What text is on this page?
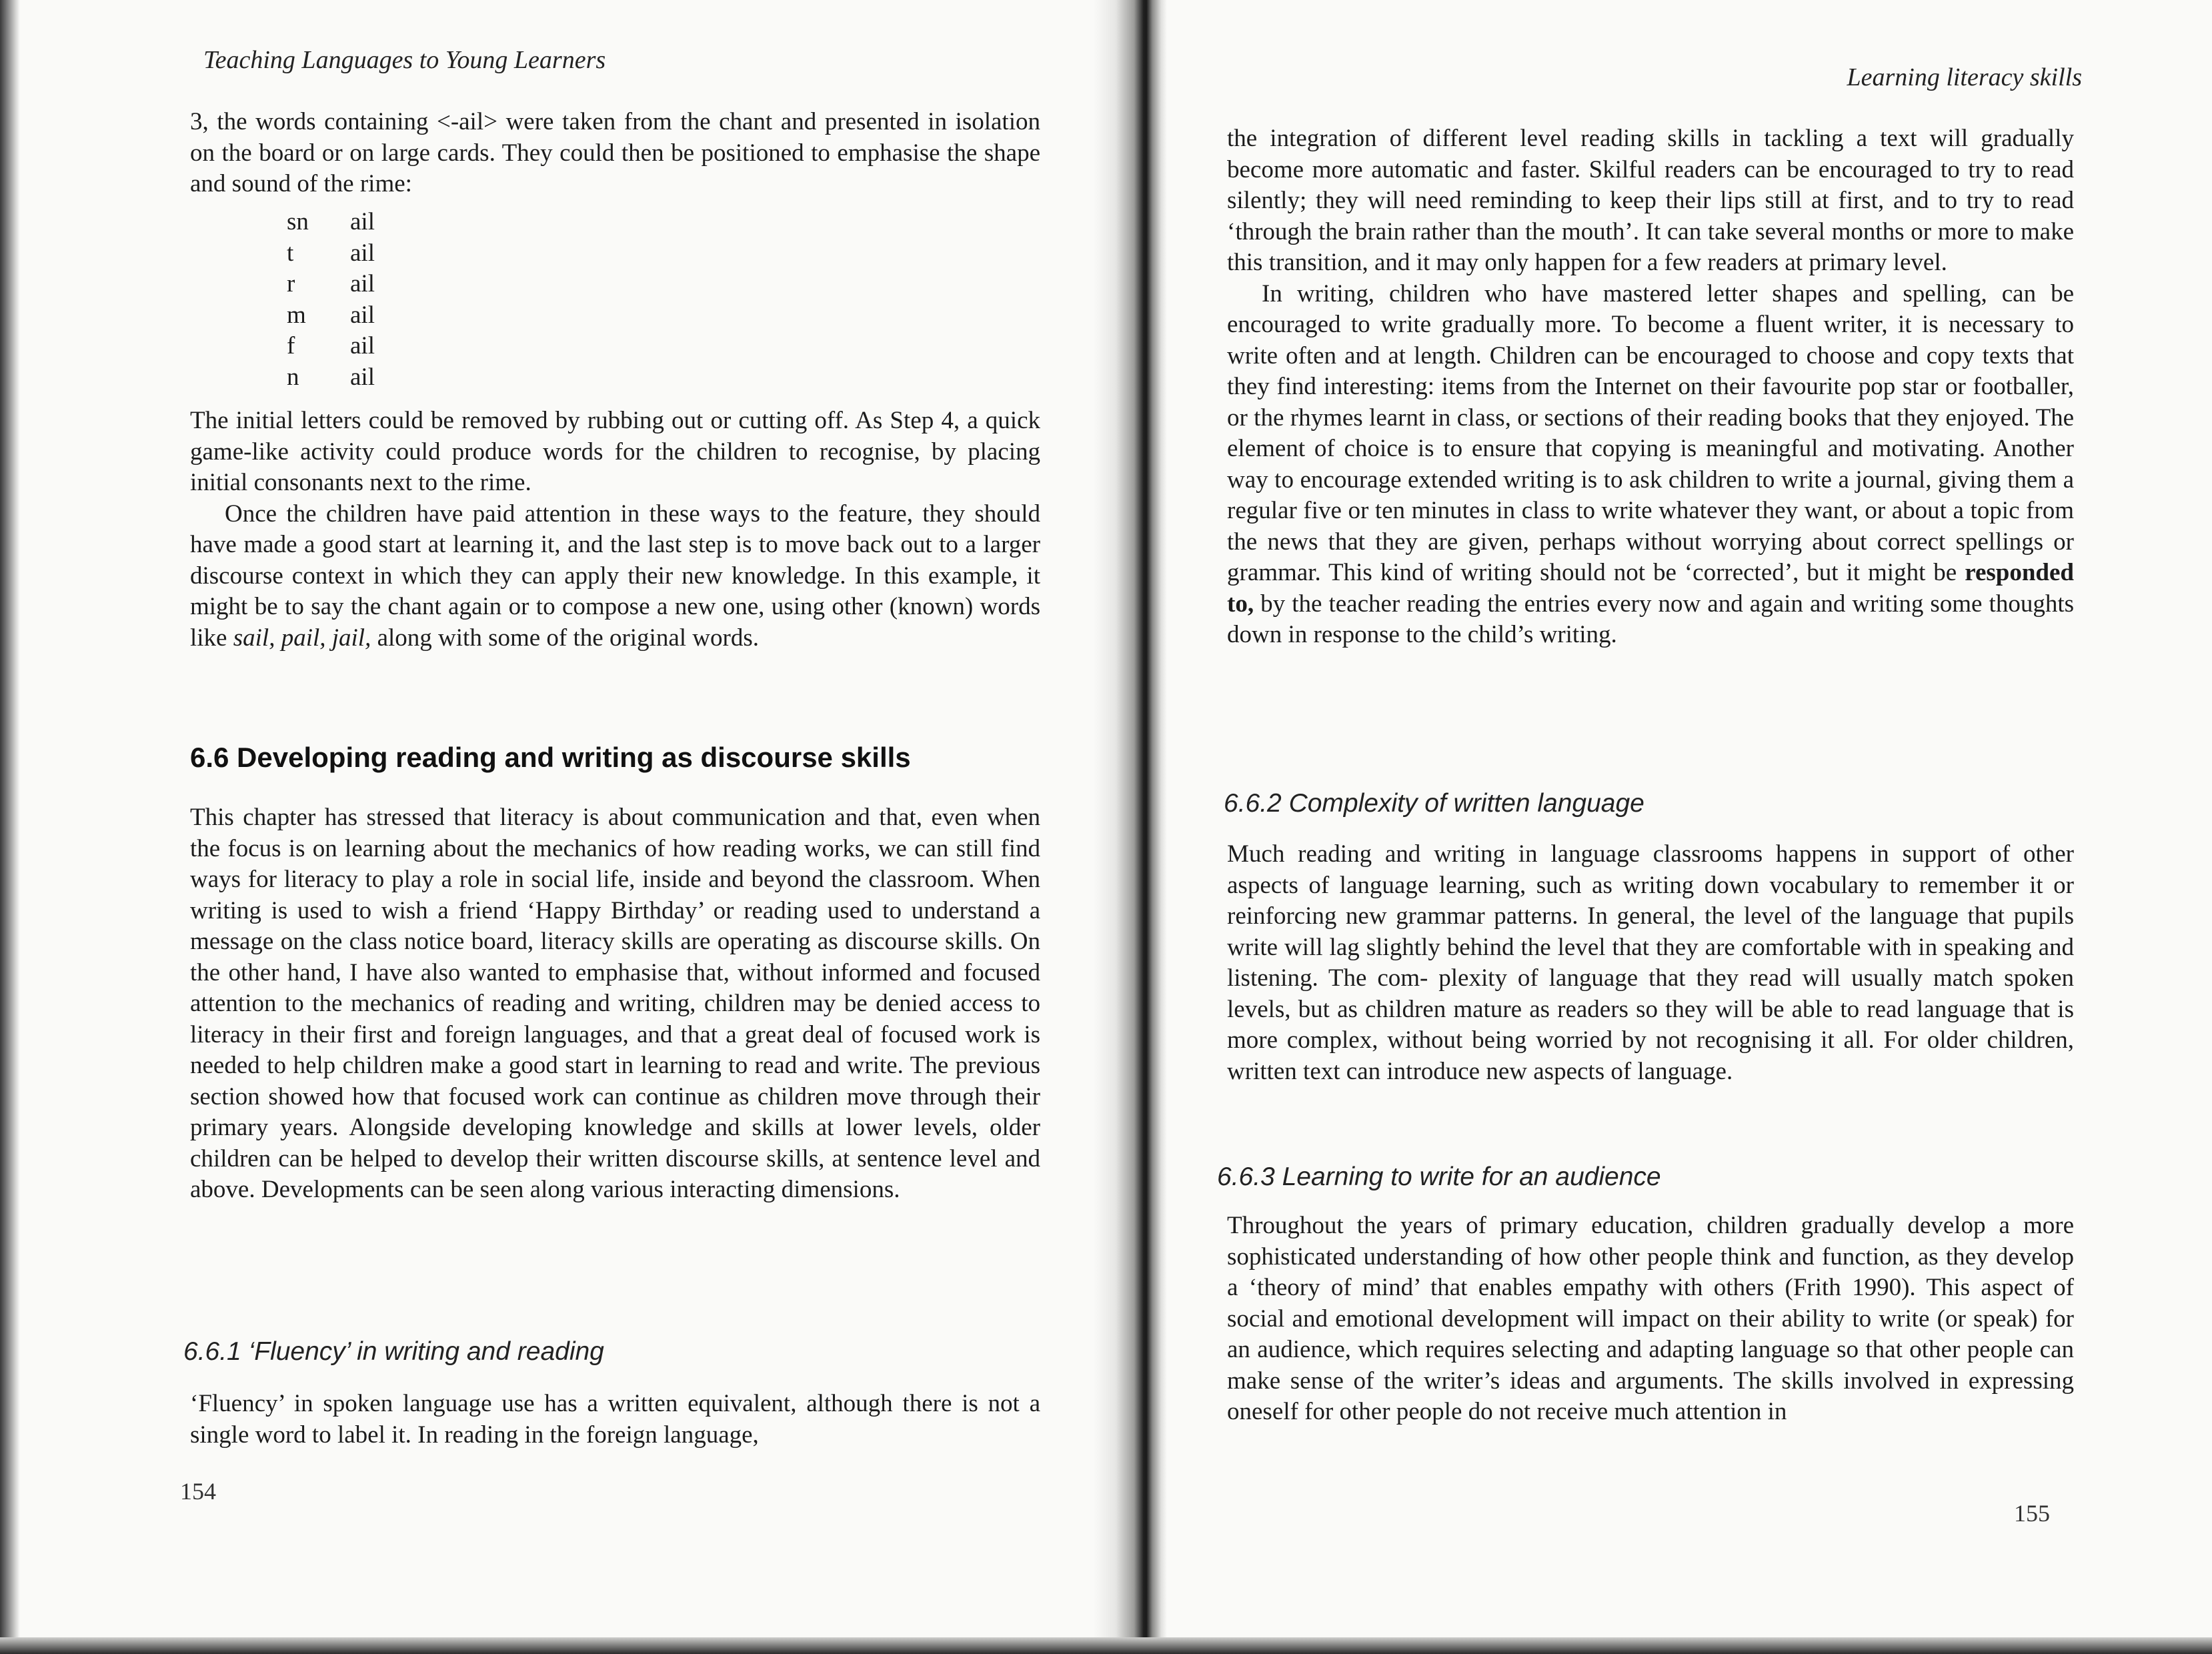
Teaching Languages to Young Learners

3, the words containing <-ail> were taken from the chant and presented in isolation on the board or on large cards. They could then be positioned to emphasise the shape and sound of the rime:

sn	ail
t	ail
r	ail
m	ail
f	ail
n	ail

The initial letters could be removed by rubbing out or cutting off. As Step 4, a quick game-like activity could produce words for the children to recognise, by placing initial consonants next to the rime.

Once the children have paid attention in these ways to the feature, they should have made a good start at learning it, and the last step is to move back out to a larger discourse context in which they can apply their new knowledge. In this example, it might be to say the chant again or to compose a new one, using other (known) words like sail, pail, jail, along with some of the original words.

6.6 Developing reading and writing as discourse skills

This chapter has stressed that literacy is about communication and that, even when the focus is on learning about the mechanics of how reading works, we can still find ways for literacy to play a role in social life, inside and beyond the classroom. When writing is used to wish a friend ‘Happy Birthday’ or reading used to understand a message on the class notice board, literacy skills are operating as discourse skills. On the other hand, I have also wanted to emphasise that, without informed and focused attention to the mechanics of reading and writing, children may be denied access to literacy in their first and foreign languages, and that a great deal of focused work is needed to help children make a good start in learning to read and write. The previous section showed how that focused work can continue as children move through their primary years. Alongside developing knowledge and skills at lower levels, older children can be helped to develop their written discourse skills, at sentence level and above. Developments can be seen along various interacting dimensions.

6.6.1 ‘Fluency’ in writing and reading

‘Fluency’ in spoken language use has a written equivalent, although there is not a single word to label it. In reading in the foreign language,

154
Learning literacy skills

the integration of different level reading skills in tackling a text will gradually become more automatic and faster. Skilful readers can be encouraged to try to read silently; they will need reminding to keep their lips still at first, and to try to read ‘through the brain rather than the mouth’. It can take several months or more to make this transition, and it may only happen for a few readers at primary level.

In writing, children who have mastered letter shapes and spelling, can be encouraged to write gradually more. To become a fluent writer, it is necessary to write often and at length. Children can be encouraged to choose and copy texts that they find interesting: items from the Internet on their favourite pop star or footballer, or the rhymes learnt in class, or sections of their reading books that they enjoyed. The element of choice is to ensure that copying is meaningful and motivating. Another way to encourage extended writing is to ask children to write a journal, giving them a regular five or ten minutes in class to write whatever they want, or about a topic from the news that they are given, perhaps without worrying about correct spellings or grammar. This kind of writing should not be ‘corrected’, but it might be responded to, by the teacher reading the entries every now and again and writing some thoughts down in response to the child’s writing.

6.6.2 Complexity of written language

Much reading and writing in language classrooms happens in support of other aspects of language learning, such as writing down vocabulary to remember it or reinforcing new grammar patterns. In general, the level of the language that pupils write will lag slightly behind the level that they are comfortable with in speaking and listening. The com- plexity of language that they read will usually match spoken levels, but as children mature as readers so they will be able to read language that is more complex, without being worried by not recognising it all. For older children, written text can introduce new aspects of language.

6.6.3 Learning to write for an audience

Throughout the years of primary education, children gradually develop a more sophisticated understanding of how other people think and function, as they develop a ‘theory of mind’ that enables empathy with others (Frith 1990). This aspect of social and emotional development will impact on their ability to write (or speak) for an audience, which requires selecting and adapting language so that other people can make sense of the writer’s ideas and arguments. The skills involved in expressing oneself for other people do not receive much attention in

155
